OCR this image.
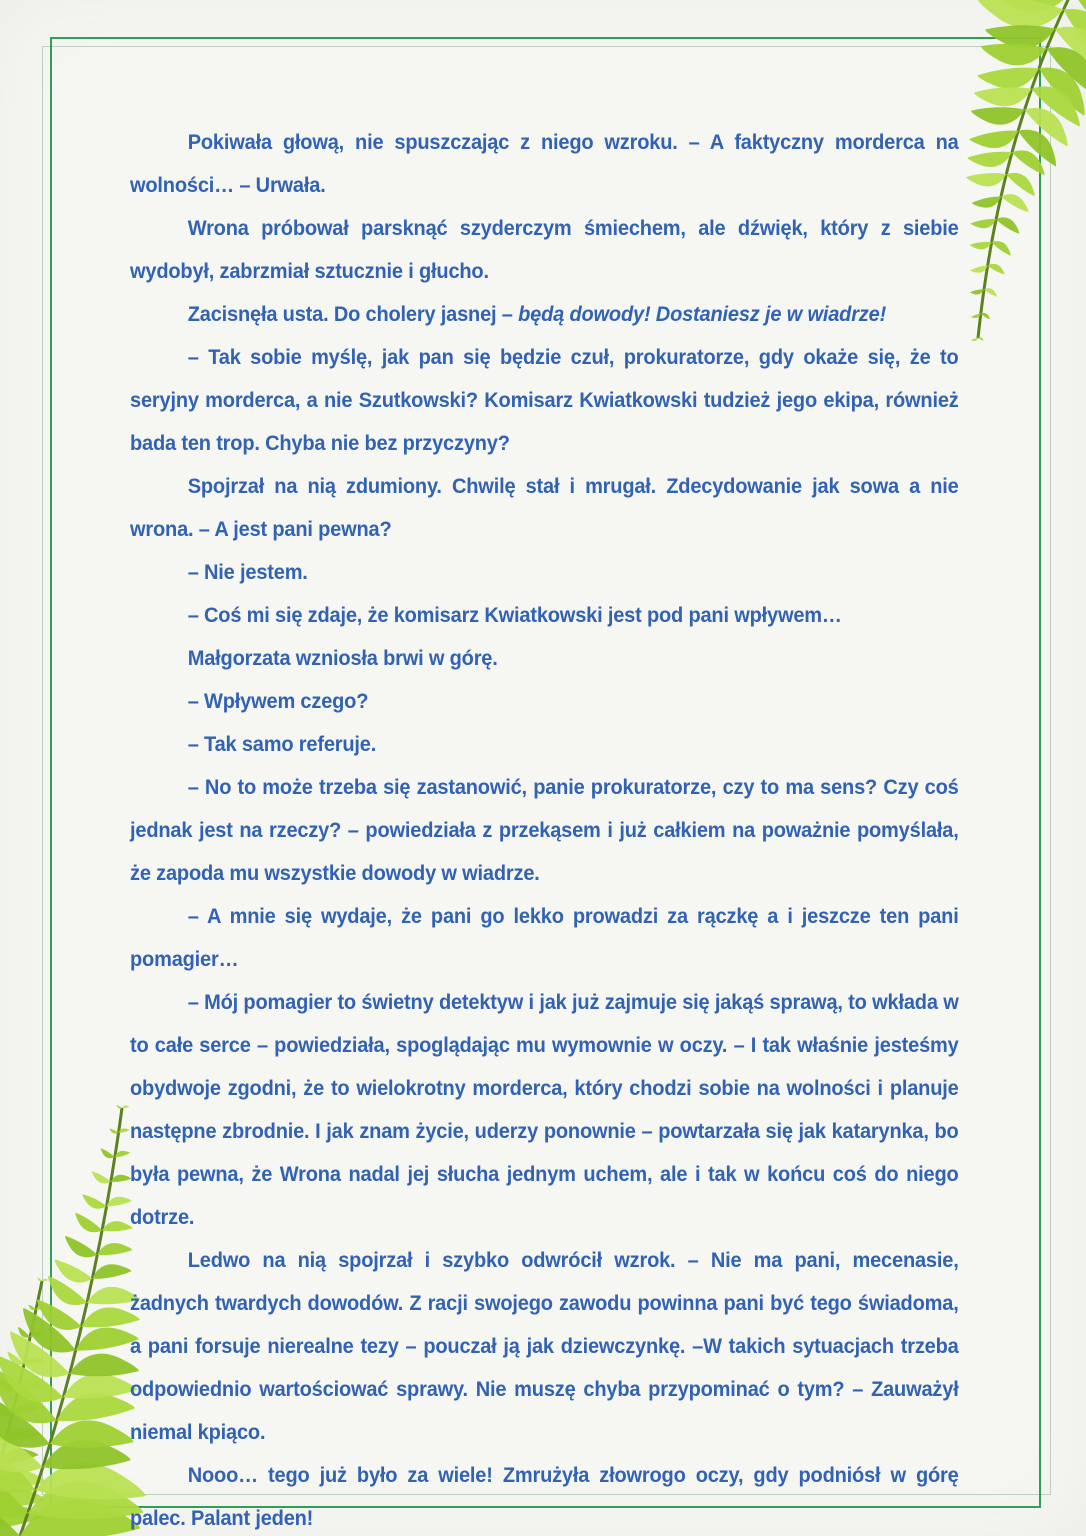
Pokiwała głową, nie spuszczając z niego wzroku. – A faktyczny morderca na wolności… – Urwała.

Wrona próbował parsknąć szyderczym śmiechem, ale dźwięk, który z siebie wydobył, zabrzmiał sztucznie i głucho.

Zacisnęła usta. Do cholery jasnej – będą dowody! Dostaniesz je w wiadrze!

– Tak sobie myślę, jak pan się będzie czuł, prokuratorze, gdy okaże się, że to seryjny morderca, a nie Szutkowski? Komisarz Kwiatkowski tudzież jego ekipa, również bada ten trop. Chyba nie bez przyczyny?

Spojrzał na nią zdumiony. Chwilę stał i mrugał. Zdecydowanie jak sowa a nie wrona. – A jest pani pewna?

– Nie jestem.

– Coś mi się zdaje, że komisarz Kwiatkowski jest pod pani wpływem…

Małgorzata wzniosła brwi w górę.

– Wpływem czego?

– Tak samo referuje.

– No to może trzeba się zastanowić, panie prokuratorze, czy to ma sens? Czy coś jednak jest na rzeczy? – powiedziała z przekąsem i już całkiem na poważnie pomyślała, że zapoda mu wszystkie dowody w wiadrze.

– A mnie się wydaje, że pani go lekko prowadzi za rączkę a i jeszcze ten pani pomagier…

– Mój pomagier to świetny detektyw i jak już zajmuje się jakąś sprawą, to wkłada w to całe serce – powiedziała, spoglądając mu wymownie w oczy. – I tak właśnie jesteśmy obydwoje zgodni, że to wielokrotny morderca, który chodzi sobie na wolności i planuje następne zbrodnie. I jak znam życie, uderzy ponownie – powtarzała się jak katarynka, bo była pewna, że Wrona nadal jej słucha jednym uchem, ale i tak w końcu coś do niego dotrze.

Ledwo na nią spojrzał i szybko odwrócił wzrok. – Nie ma pani, mecenasie, żadnych twardych dowodów. Z racji swojego zawodu powinna pani być tego świadoma, a pani forsuje nierealne tezy – pouczał ją jak dziewczynkę. –W takich sytuacjach trzeba odpowiednio wartościować sprawy. Nie muszę chyba przypominać o tym? – Zauważył niemal kpiąco.

Nooo… tego już było za wiele! Zmrużyła złowrogo oczy, gdy podniósł w górę palec. Palant jeden!
